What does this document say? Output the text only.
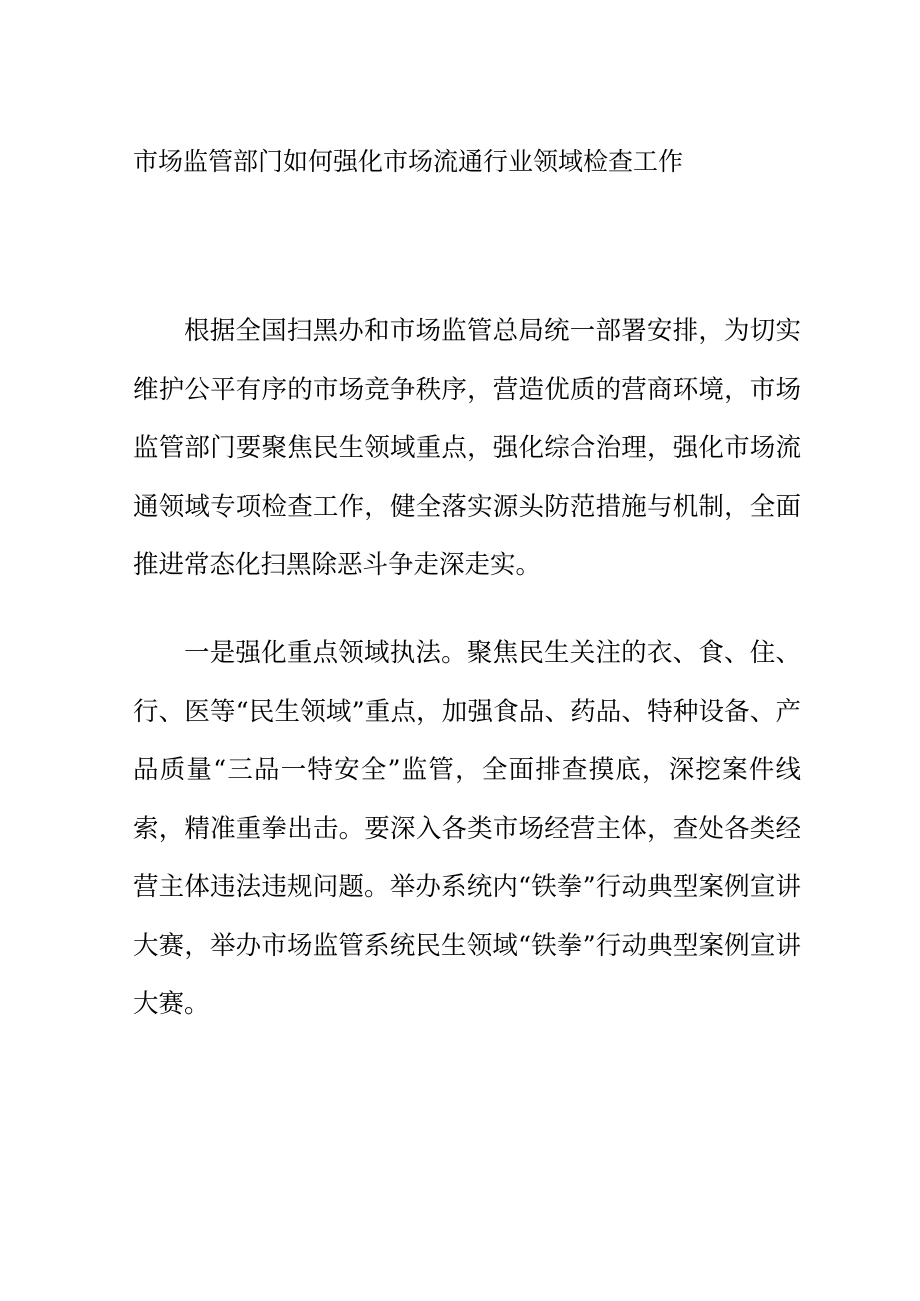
市场监管部门如何强化市场流通行业领域检查工作

根据全国扫黑办和市场监管总局统一部署安排，为切实维护公平有序的市场竞争秩序，营造优质的营商环境，市场监管部门要聚焦民生领域重点，强化综合治理，强化市场流通领域专项检查工作，健全落实源头防范措施与机制，全面推进常态化扫黑除恶斗争走深走实。

一是强化重点领域执法。聚焦民生关注的衣、食、住、行、医等“民生领域”重点，加强食品、药品、特种设备、产品质量“三品一特安全”监管，全面排查摸底，深挖案件线索，精准重拳出击。要深入各类市场经营主体，查处各类经营主体违法违规问题。举办系统内“铁拳”行动典型案例宣讲大赛，举办市场监管系统民生领域“铁拳”行动典型案例宣讲大赛。
